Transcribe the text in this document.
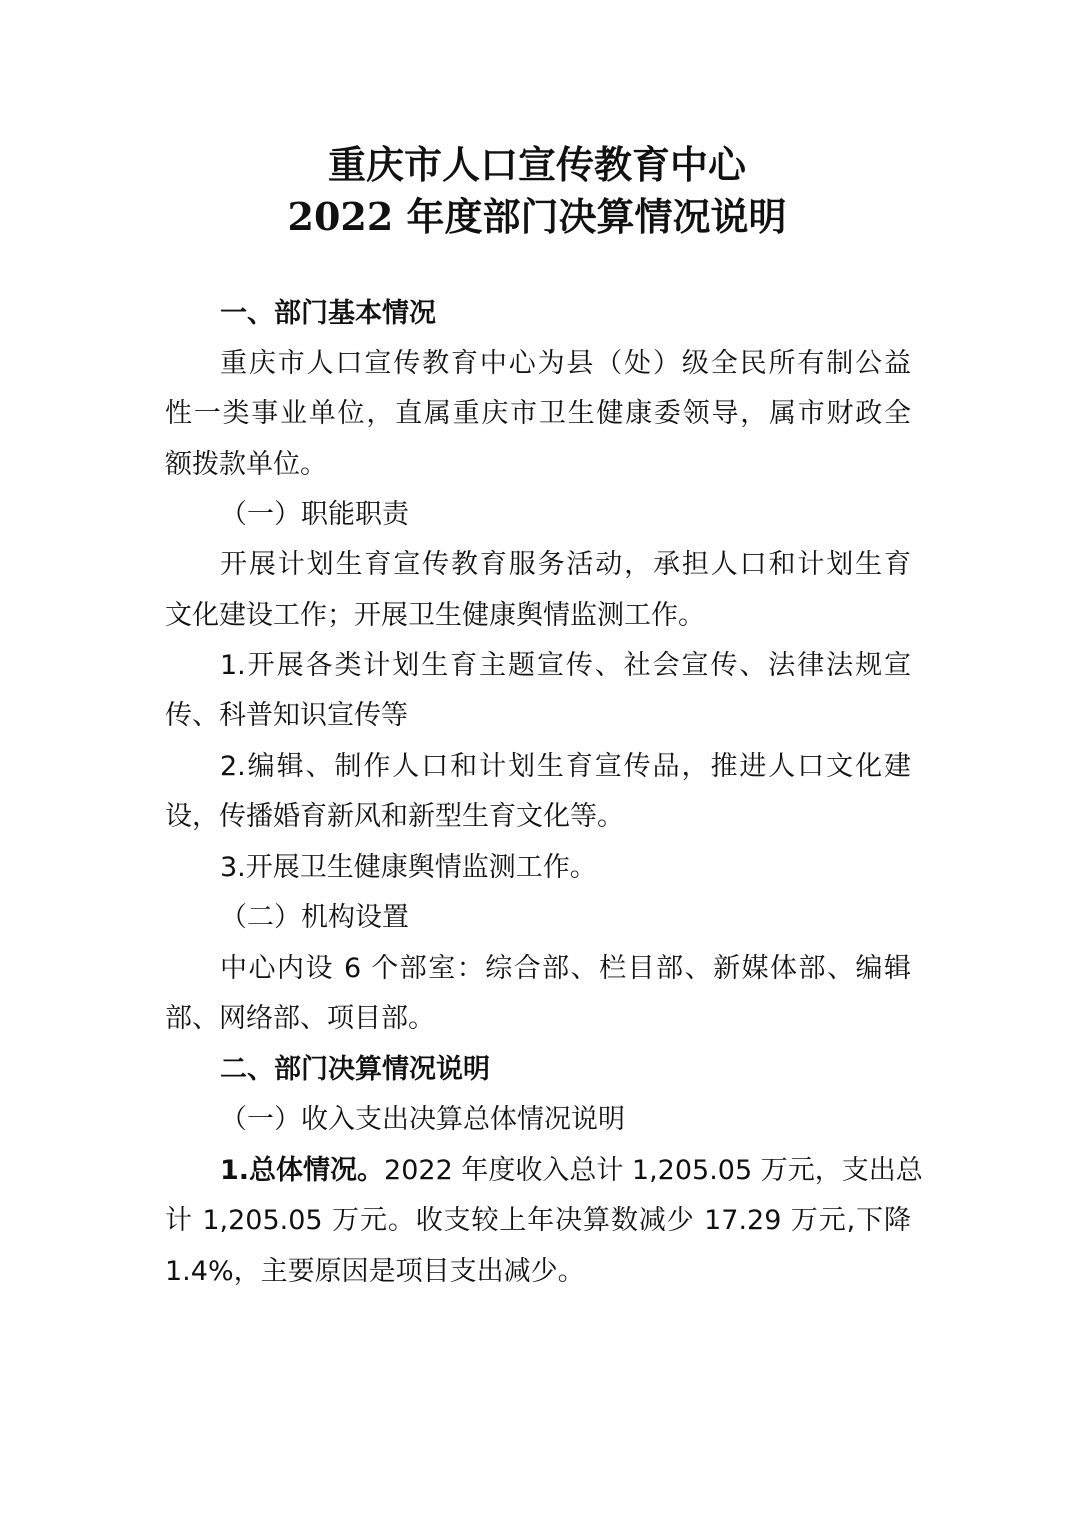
重庆市人口宣传教育中心
2022 年度部门决算情况说明
一、部门基本情况
重庆市人口宣传教育中心为县（处）级全民所有制公益
性一类事业单位，直属重庆市卫生健康委领导，属市财政全
额拨款单位。
（一）职能职责
开展计划生育宣传教育服务活动，承担人口和计划生育
文化建设工作；开展卫生健康舆情监测工作。
1.开展各类计划生育主题宣传、社会宣传、法律法规宣
传、科普知识宣传等
2.编辑、制作人口和计划生育宣传品，推进人口文化建
设，传播婚育新风和新型生育文化等。
3.开展卫生健康舆情监测工作。
（二）机构设置
中心内设 6 个部室：综合部、栏目部、新媒体部、编辑
部、网络部、项目部。
二、部门决算情况说明
（一）收入支出决算总体情况说明
1.总体情况。2022 年度收入总计 1,205.05 万元，支出总
计 1,205.05 万元。收支较上年决算数减少 17.29 万元,下降
1.4%，主要原因是项目支出减少。
